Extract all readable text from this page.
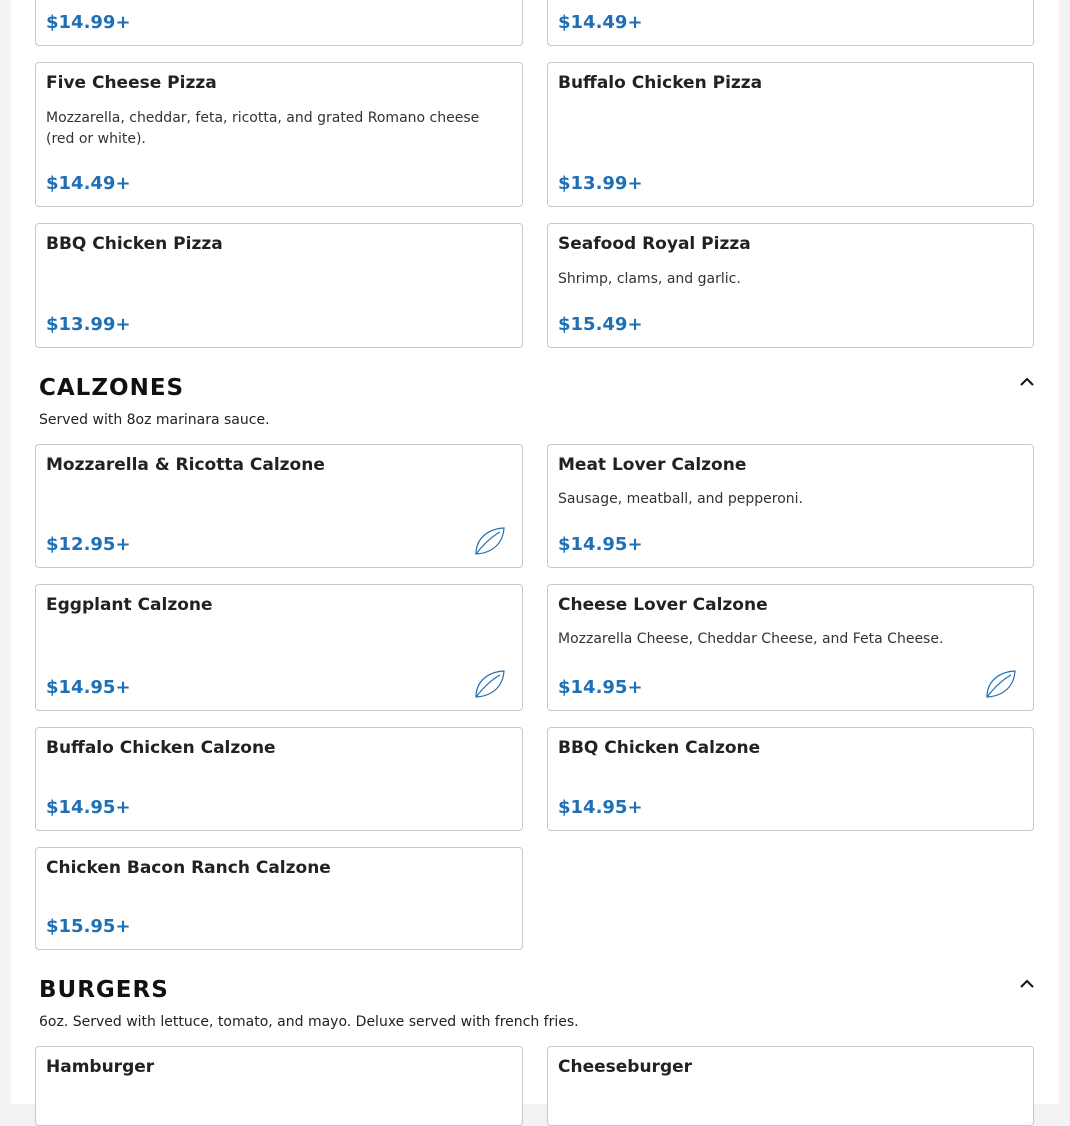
$14.99+	$14.49+
Five Cheese Pizza
Mozzarella, cheddar, feta, ricotta, and grated Romano cheese (red or white).
$14.49+
Buffalo Chicken Pizza
$13.99+
BBQ Chicken Pizza
$13.99+
Seafood Royal Pizza
Shrimp, clams, and garlic.
$15.49+
CALZONES
Served with 8oz marinara sauce.
Mozzarella & Ricotta Calzone
$12.95+
Meat Lover Calzone
Sausage, meatball, and pepperoni.
$14.95+
Eggplant Calzone
$14.95+
Cheese Lover Calzone
Mozzarella Cheese, Cheddar Cheese, and Feta Cheese.
$14.95+
Buffalo Chicken Calzone
$14.95+
BBQ Chicken Calzone
$14.95+
Chicken Bacon Ranch Calzone
$15.95+
BURGERS
6oz. Served with lettuce, tomato, and mayo. Deluxe served with french fries.
Hamburger	Cheeseburger
